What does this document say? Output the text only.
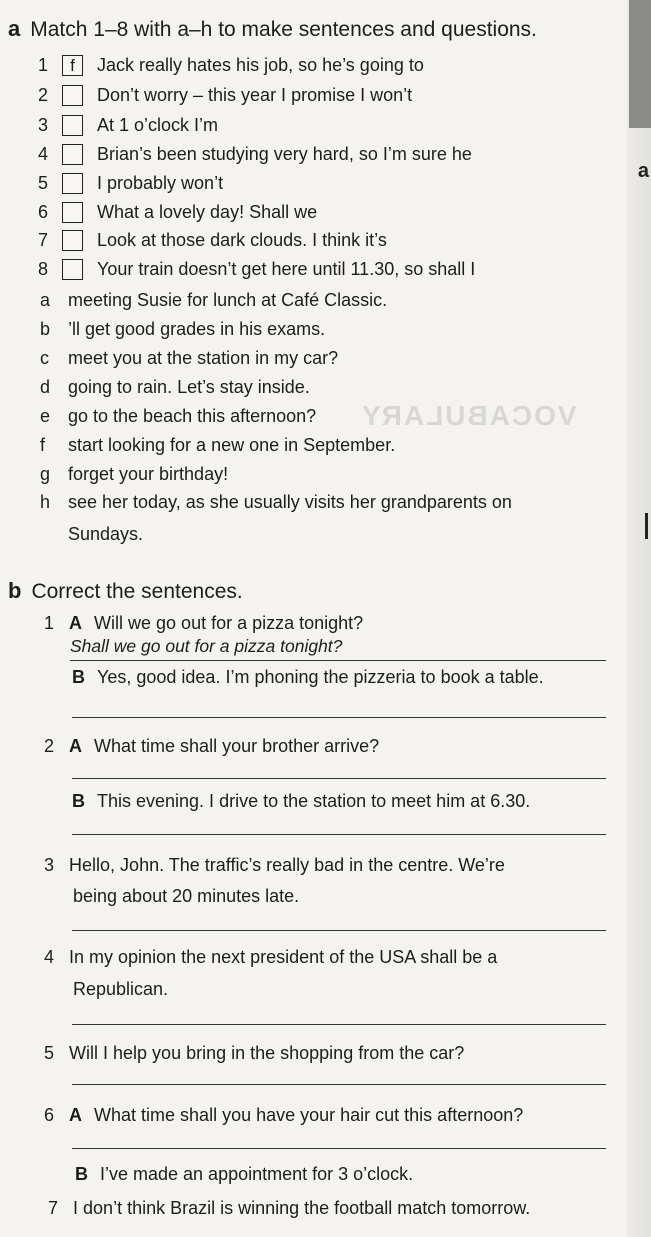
VOCABULARY
a
a Match 1–8 with a–h to make sentences and questions.
1	f	Jack really hates his job, so he’s going to
2	Don’t worry – this year I promise I won’t
3	At 1 o’clock I’m
4	Brian’s been studying very hard, so I’m sure he
5	I probably won’t
6	What a lovely day! Shall we
7	Look at those dark clouds. I think it’s
8	Your train doesn’t get here until 11.30, so shall I
a meeting Susie for lunch at Café Classic.
b ’ll get good grades in his exams.
c meet you at the station in my car?
d going to rain. Let’s stay inside.
e go to the beach this afternoon?
f start looking for a new one in September.
g forget your birthday!
h see her today, as she usually visits her grandparents on
Sundays.
b Correct the sentences.
1 A Will we go out for a pizza tonight?
Shall we go out for a pizza tonight?
B Yes, good idea. I’m phoning the pizzeria to book a table.
2 A What time shall your brother arrive?
B This evening. I drive to the station to meet him at 6.30.
3 Hello, John. The traffic’s really bad in the centre. We’re
being about 20 minutes late.
4 In my opinion the next president of the USA shall be a
Republican.
5 Will I help you bring in the shopping from the car?
6 A What time shall you have your hair cut this afternoon?
B I’ve made an appointment for 3 o’clock.
7 I don’t think Brazil is winning the football match tomorrow.
